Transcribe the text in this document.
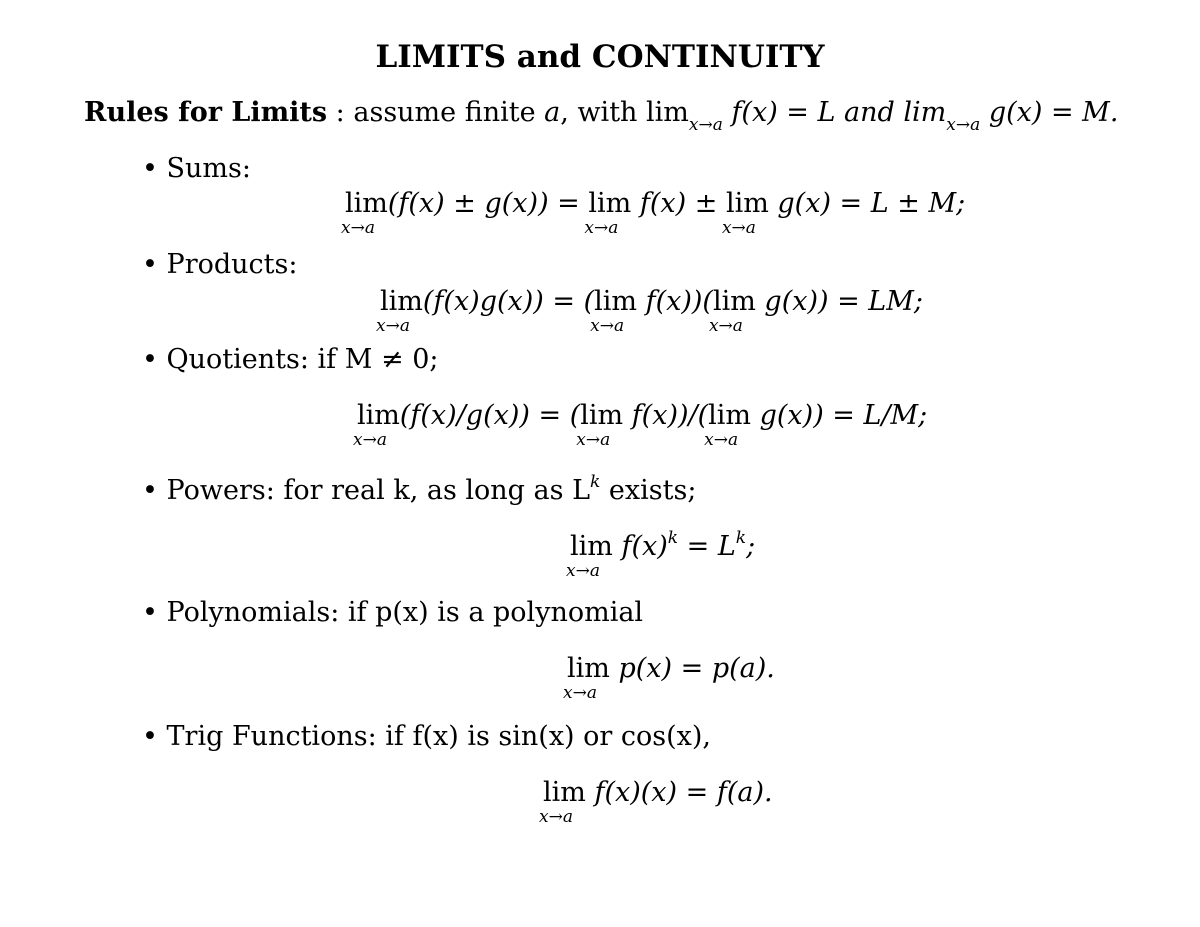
LIMITS and CONTINUITY
Rules for Limits : assume finite a, with $\lim_{x\to a} f(x) = L$ and $\lim_{x\to a} g(x) = M$.
• Sums:
lim
x→a
(f(x) ± g(x)) = lim
x→a
f(x) ± lim
x→a
g(x) = L ± M;
• Products:
lim
x→a
(f(x)g(x)) = (lim
x→a
f(x))(lim
x→a
g(x)) = LM;
• Quotients: if M ≠ 0;
lim
x→a
(f(x)/g(x)) = (lim
x→a
f(x))/(lim
x→a
g(x)) = L/M;
• Powers: for real k, as long as $L^k$ exists;
lim
x→a
$f(x)^k = L^k$;
• Polynomials: if p(x) is a polynomial
lim
x→a
p(x) = p(a).
• Trig Functions: if f(x) is sin(x) or cos(x),
lim
x→a
f(x)(x) = f(a).
